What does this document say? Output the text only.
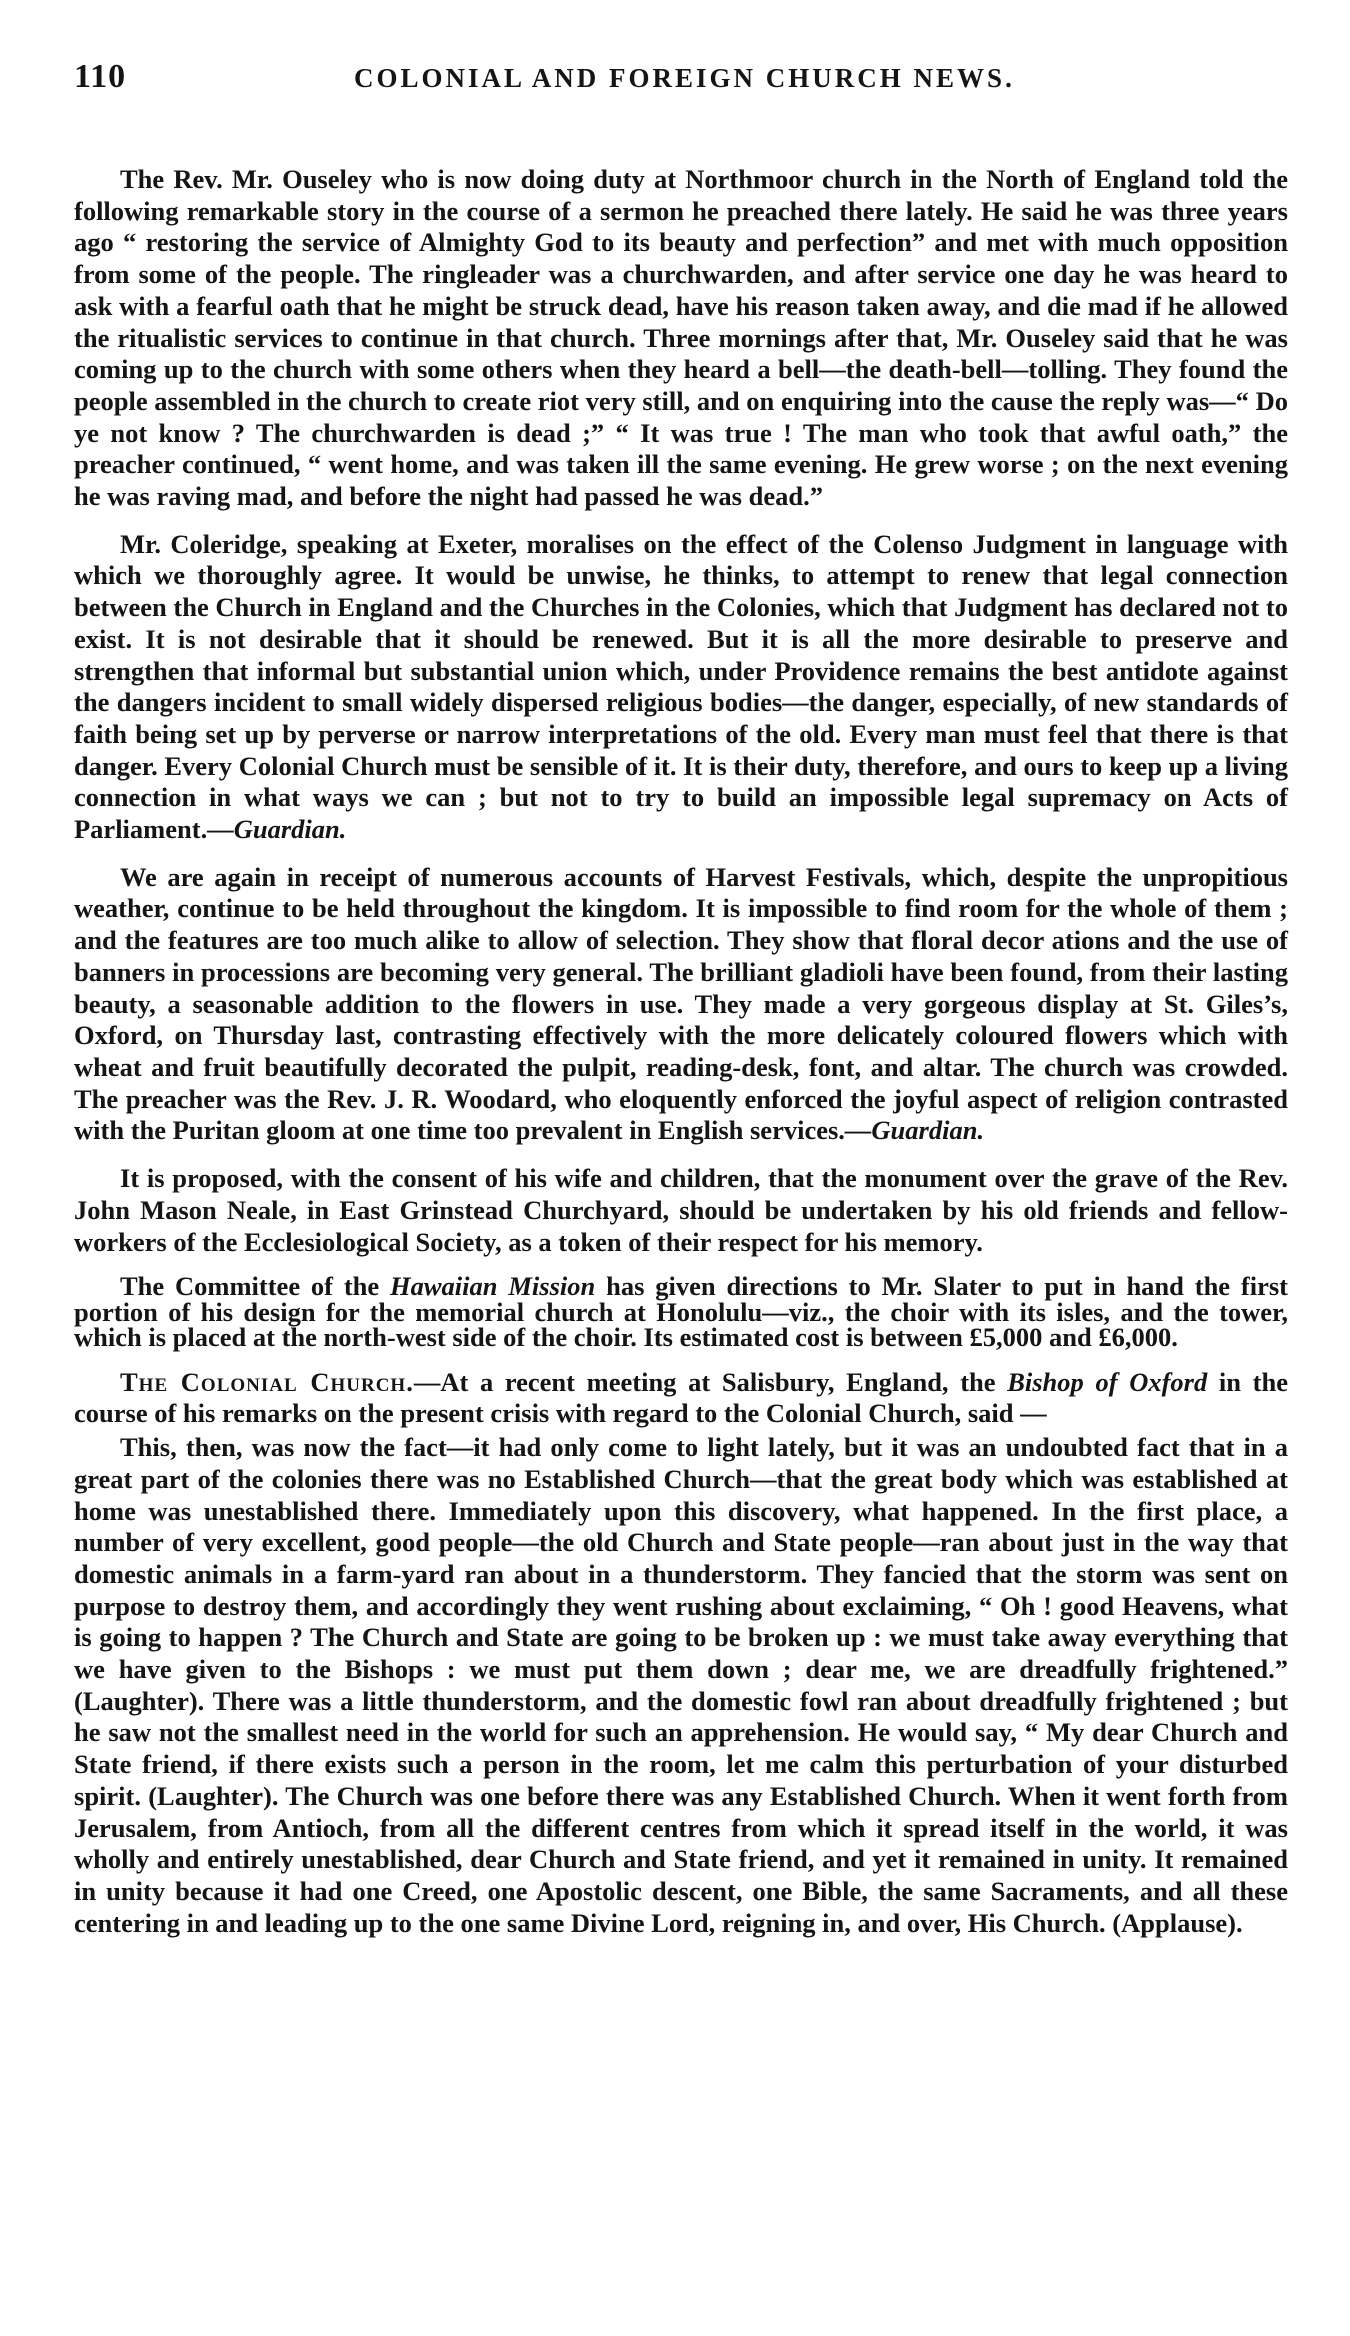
110	COLONIAL AND FOREIGN CHURCH NEWS.

The Rev. Mr. Ouseley who is now doing duty at Northmoor church in the North of England told the following remarkable story in the course of a sermon he preached there lately. He said he was three years ago “ restoring the service of Almighty God to its beauty and perfection” and met with much opposition from some of the people. The ringleader was a churchwarden, and after service one day he was heard to ask with a fearful oath that he might be struck dead, have his reason taken away, and die mad if he allowed the ritualistic services to continue in that church. Three mornings after that, Mr. Ouseley said that he was coming up to the church with some others when they heard a bell—the death-bell—tolling. They found the people assembled in the church to create riot very still, and on enquiring into the cause the reply was—“ Do ye not know ? The churchwarden is dead ;” “ It was true ! The man who took that awful oath,” the preacher continued, “ went home, and was taken ill the same evening. He grew worse ; on the next evening he was raving mad, and before the night had passed he was dead.”

Mr. Coleridge, speaking at Exeter, moralises on the effect of the Colenso Judgment in language with which we thoroughly agree. It would be unwise, he thinks, to attempt to renew that legal connection between the Church in England and the Churches in the Colonies, which that Judgment has declared not to exist. It is not desirable that it should be renewed. But it is all the more desirable to preserve and strengthen that informal but substantial union which, under Providence remains the best antidote against the dangers incident to small widely dispersed religious bodies—the danger, especially, of new standards of faith being set up by perverse or narrow interpretations of the old. Every man must feel that there is that danger. Every Colonial Church must be sensible of it. It is their duty, therefore, and ours to keep up a living connection in what ways we can ; but not to try to build an impossible legal supremacy on Acts of Parliament.—Guardian.

We are again in receipt of numerous accounts of Harvest Festivals, which, despite the unpropitious weather, continue to be held throughout the kingdom. It is impossible to find room for the whole of them ; and the features are too much alike to allow of selection. They show that floral decor ations and the use of banners in processions are becoming very general. The brilliant gladioli have been found, from their lasting beauty, a seasonable addition to the flowers in use. They made a very gorgeous display at St. Giles’s, Oxford, on Thursday last, contrasting effectively with the more delicately coloured flowers which with wheat and fruit beautifully decorated the pulpit, reading-desk, font, and altar. The church was crowded. The preacher was the Rev. J. R. Woodard, who eloquently enforced the joyful aspect of religion contrasted with the Puritan gloom at one time too prevalent in English services.—Guardian.

It is proposed, with the consent of his wife and children, that the monument over the grave of the Rev. John Mason Neale, in East Grinstead Churchyard, should be undertaken by his old friends and fellow-workers of the Ecclesiological Society, as a token of their respect for his memory.

The Committee of the Hawaiian Mission has given directions to Mr. Slater to put in hand the first portion of his design for the memorial church at Honolulu—viz., the choir with its isles, and the tower, which is placed at the north-west side of the choir. Its estimated cost is between £5,000 and £6,000.

The Colonial Church.—At a recent meeting at Salisbury, England, the Bishop of Oxford in the course of his remarks on the present crisis with regard to the Colonial Church, said —

This, then, was now the fact—it had only come to light lately, but it was an undoubted fact that in a great part of the colonies there was no Established Church—that the great body which was established at home was unestablished there. Immediately upon this discovery, what happened. In the first place, a number of very excellent, good people—the old Church and State people—ran about just in the way that domestic animals in a farm-yard ran about in a thunderstorm. They fancied that the storm was sent on purpose to destroy them, and accordingly they went rushing about exclaiming, “ Oh ! good Heavens, what is going to happen ? The Church and State are going to be broken up : we must take away everything that we have given to the Bishops : we must put them down ; dear me, we are dreadfully frightened.” (Laughter). There was a little thunderstorm, and the domestic fowl ran about dreadfully frightened ; but he saw not the smallest need in the world for such an apprehension. He would say, “ My dear Church and State friend, if there exists such a person in the room, let me calm this perturbation of your disturbed spirit. (Laughter). The Church was one before there was any Established Church. When it went forth from Jerusalem, from Antioch, from all the different centres from which it spread itself in the world, it was wholly and entirely unestablished, dear Church and State friend, and yet it remained in unity. It remained in unity because it had one Creed, one Apostolic descent, one Bible, the same Sacraments, and all these centering in and leading up to the one same Divine Lord, reigning in, and over, His Church. (Applause).
